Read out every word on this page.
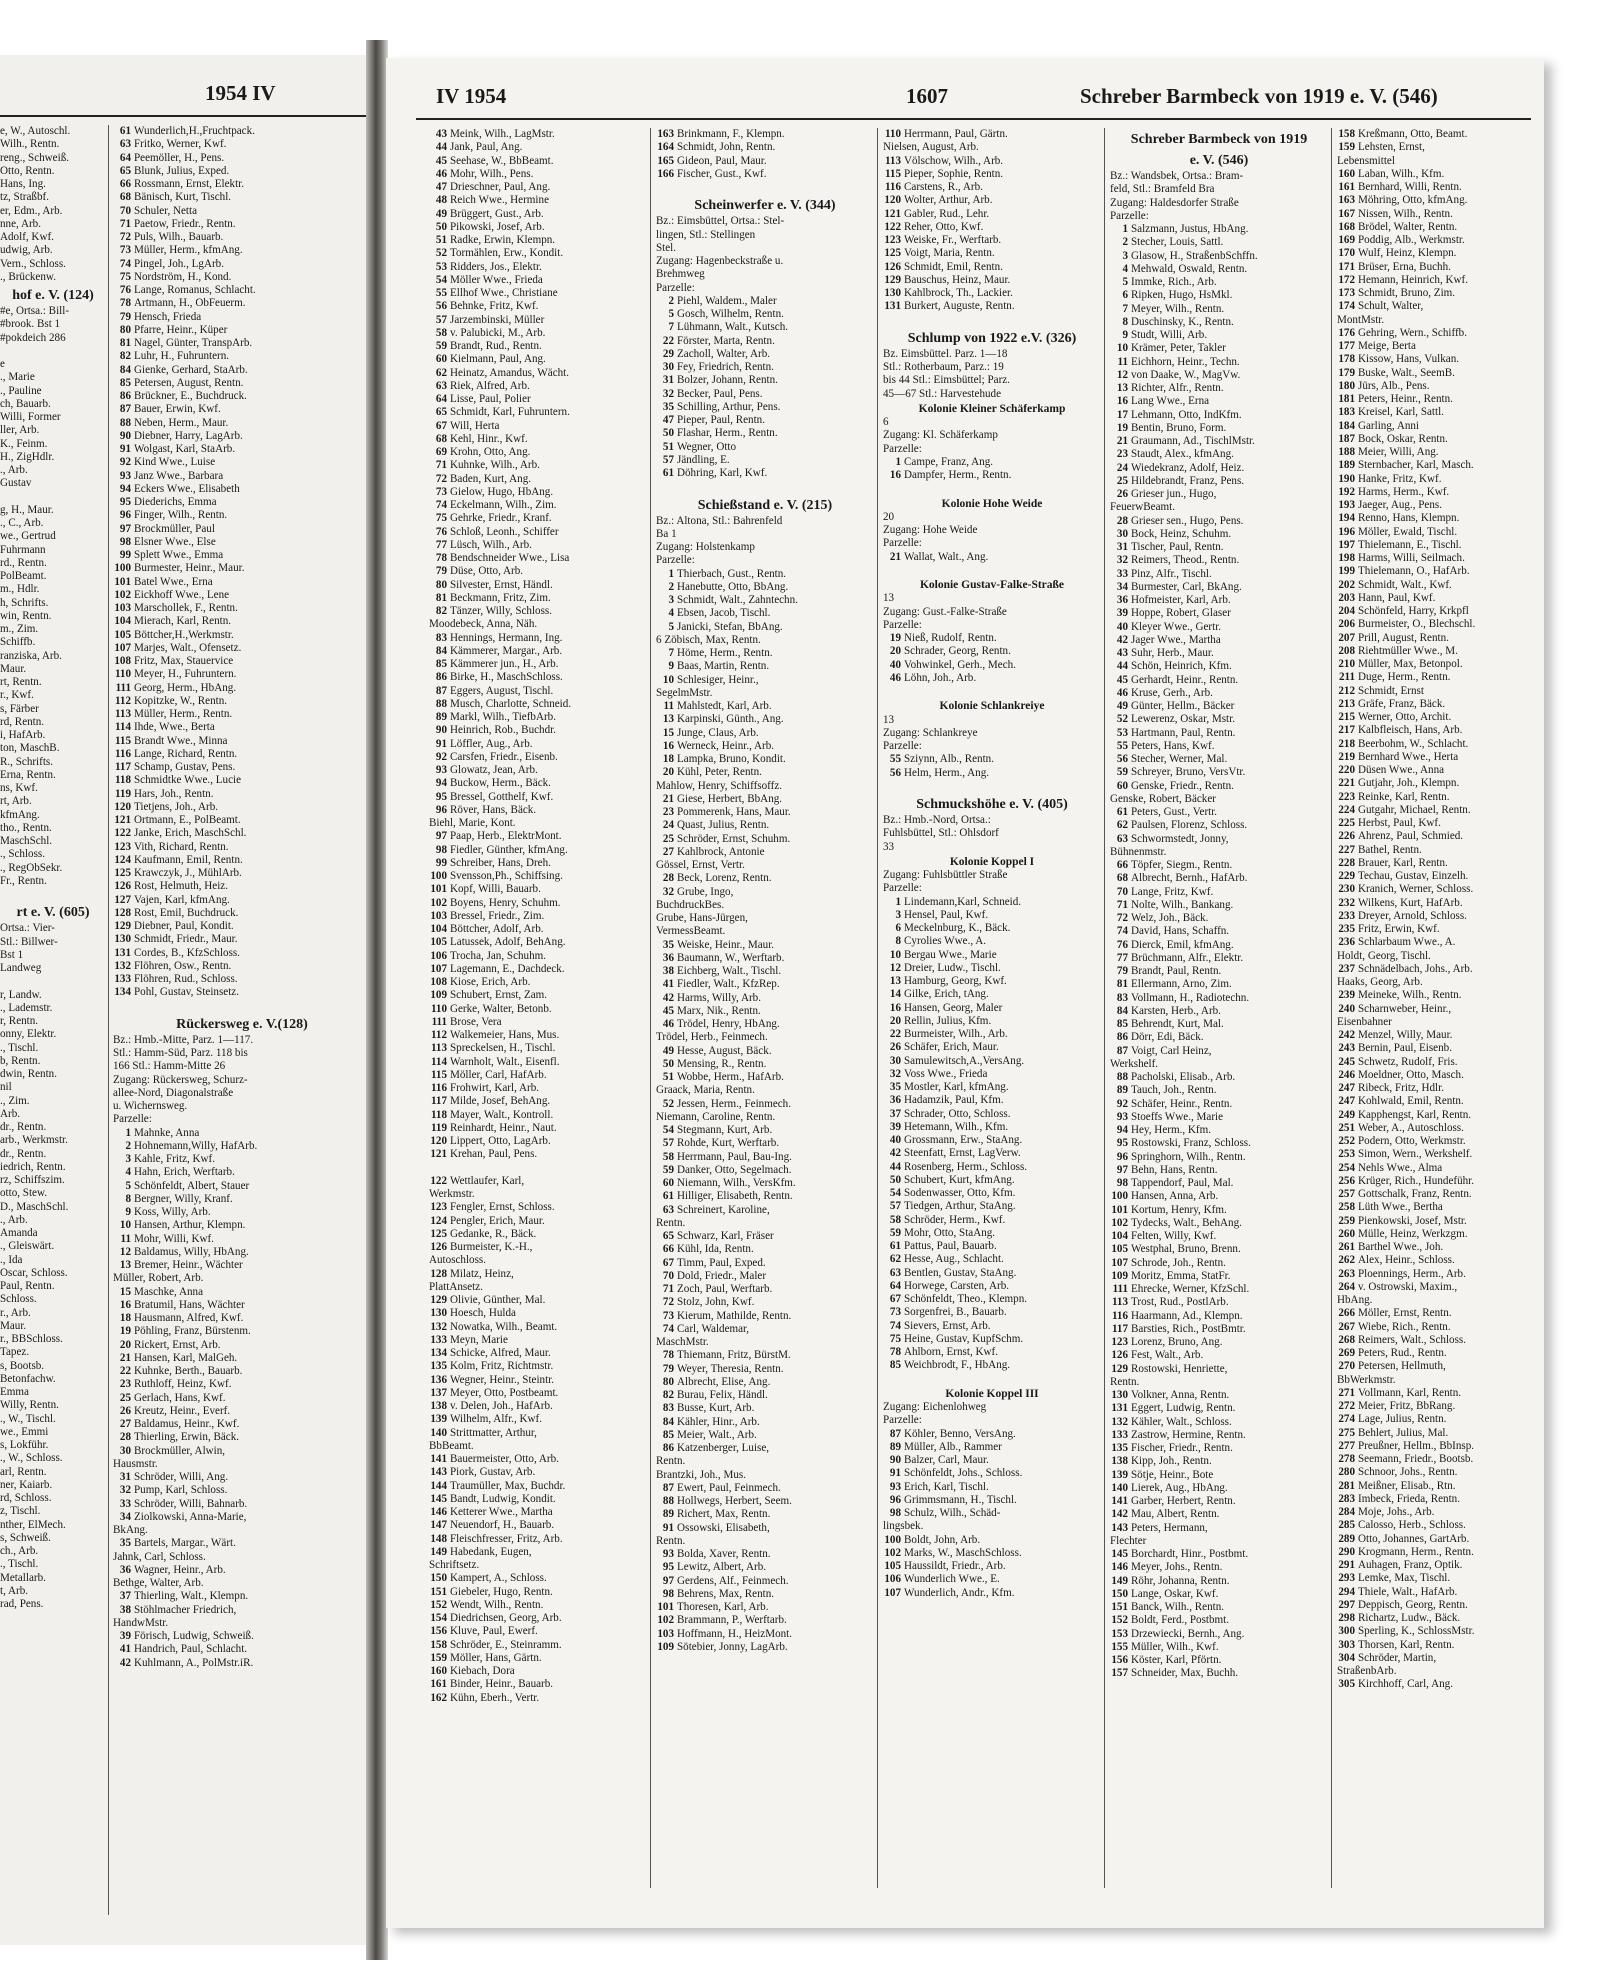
1954 IV
e, W., Autoschl.
Wilh., Rentn.
reng., Schweiß.
Otto, Rentn.
Hans, Ing.
tz, Straßbf.
er, Edm., Arb.
nne, Arb.
Adolf, Kwf.
udwig, Arb.
Vern., Schloss.
., Brückenw.
hof e. V. (124)
#e, Ortsa.: Bill-
#brook. Bst 1
#pokdeich 286

e
., Marie
., Pauline
ch, Bauarb.
Willi, Former
ller, Arb.
K., Feinm.
H., ZigHdlr.
., Arb.
Gustav

g, H., Maur.
., C., Arb.
we., Gertrud
Fuhrmann
rd., Rentn.
PolBeamt.
m., Hdlr.
h, Schrifts.
win, Rentn.
m., Zim.
Schiffb.
ranziska, Arb.
Maur.
rt, Rentn.
r., Kwf.
s, Färber
rd, Rentn.
i, HafArb.
ton, MaschB.
R., Schrifts.
Erna, Rentn.
ns, Kwf.
rt, Arb.
kfmAng.
tho., Rentn.
MaschSchl.
., Schloss.
., RegObSekr.
Fr., Rentn.

rt e. V. (605)
Ortsa.: Vier-
Stl.: Billwer-
Bst 1
Landweg

r, Landw.
., Lademstr.
r, Rentn.
onny, Elektr.
., Tischl.
b, Rentn.
dwin, Rentn.
nil
., Zim.
Arb.
dr., Rentn.
arb., Werkmstr.
dr., Rentn.
iedrich, Rentn.
rz, Schiffszim.
otto, Stew.
D., MaschSchl.
., Arb.
Amanda
., Gleiswärt.
., Ida
Oscar, Schloss.
Paul, Rentn.
Schloss.
r., Arb.
Maur.
r., BBSchloss.
Tapez.
s, Bootsb.
Betonfachw.
Emma
Willy, Rentn.
., W., Tischl.
we., Emmi
s, Lokführ.
., W., Schloss.
arl, Rentn.
ner, Kaiarb.
rd, Schloss.
z, Tischl.
nther, ElMech.
s, Schweiß.
ch., Arb.
., Tischl.
Metallarb.
t, Arb.
rad, Pens.
61 Wunderlich,H.,Fruchtpack.
63 Fritko, Werner, Kwf.
64 Peemöller, H., Pens.
65 Blunk, Julius, Exped.
66 Rossmann, Ernst, Elektr.
68 Bänisch, Kurt, Tischl.
70 Schuler, Netta
71 Paetow, Friedr., Rentn.
72 Puls, Wilh., Bauarb.
73 Müller, Herm., kfmAng.
74 Pingel, Joh., LgArb.
75 Nordström, H., Kond.
76 Lange, Romanus, Schlacht.
78 Artmann, H., ObFeuerm.
79 Hensch, Frieda
80 Pfarre, Heinr., Küper
81 Nagel, Günter, TranspArb.
82 Luhr, H., Fuhruntern.
84 Gienke, Gerhard, StaArb.
85 Petersen, August, Rentn.
86 Brückner, E., Buchdruck.
87 Bauer, Erwin, Kwf.
88 Neben, Herm., Maur.
90 Diebner, Harry, LagArb.
91 Wolgast, Karl, StaArb.
92 Kind Wwe., Luise
93 Janz Wwe., Barbara
94 Eckers Wwe., Elisabeth
95 Diederichs, Emma
96 Finger, Wilh., Rentn.
97 Brockmüller, Paul
98 Elsner Wwe., Else
99 Splett Wwe., Emma
100 Burmester, Heinr., Maur.
101 Batel Wwe., Erna
102 Eickhoff Wwe., Lene
103 Marschollek, F., Rentn.
104 Mierach, Karl, Rentn.
105 Böttcher,H.,Werkmstr.
107 Marjes, Walt., Ofensetz.
108 Fritz, Max, Stauervice
110 Meyer, H., Fuhruntern.
111 Georg, Herm., HbAng.
112 Kopitzke, W., Rentn.
113 Müller, Herm., Rentn.
114 Ihde, Wwe., Berta
115 Brandt Wwe., Minna
116 Lange, Richard, Rentn.
117 Schamp, Gustav, Pens.
118 Schmidtke Wwe., Lucie
119 Hars, Joh., Rentn.
120 Tietjens, Joh., Arb.
121 Ortmann, E., PolBeamt.
122 Janke, Erich, MaschSchl.
123 Vith, Richard, Rentn.
124 Kaufmann, Emil, Rentn.
125 Krawczyk, J., MühlArb.
126 Rost, Helmuth, Heiz.
127 Vajen, Karl, kfmAng.
128 Rost, Emil, Buchdruck.
129 Diebner, Paul, Kondit.
130 Schmidt, Friedr., Maur.
131 Cordes, B., KfzSchloss.
132 Flöhren, Osw., Rentn.
133 Flöhren, Rud., Schloss.
134 Pohl, Gustav, Steinsetz.

Rückersweg e. V.(128)
Bz.: Hmb.-Mitte, Parz. 1—117.
Stl.: Hamm-Süd, Parz. 118 bis
166 Stl.: Hamm-Mitte 26
Zugang: Rückersweg, Schurz-
allee-Nord, Diagonalstraße
u. Wichernsweg.
Parzelle:
1 Mahnke, Anna
2 Hohnemann,Willy, HafArb.
3 Kahle, Fritz, Kwf.
4 Hahn, Erich, Werftarb.
5 Schönfeldt, Albert, Stauer
8 Bergner, Willy, Kranf.
9 Koss, Willy, Arb.
10 Hansen, Arthur, Klempn.
11 Mohr, Willi, Kwf.
12 Baldamus, Willy, HbAng.
13 Bremer, Heinr., Wächter
Müller, Robert, Arb.
15 Maschke, Anna
16 Bratumil, Hans, Wächter
18 Hausmann, Alfred, Kwf.
19 Pöhling, Franz, Bürstenm.
20 Rickert, Ernst, Arb.
21 Hansen, Karl, MalGeh.
22 Kuhnke, Berth., Bauarb.
23 Ruthloff, Heinz, Kwf.
25 Gerlach, Hans, Kwf.
26 Kreutz, Heinr., Everf.
27 Baldamus, Heinr., Kwf.
28 Thierling, Erwin, Bäck.
30 Brockmüller, Alwin,
Hausmstr.
31 Schröder, Willi, Ang.
32 Pump, Karl, Schloss.
33 Schröder, Willi, Bahnarb.
34 Ziolkowski, Anna-Marie,
BkAng.
35 Bartels, Margar., Wärt.
Jahnk, Carl, Schloss.
36 Wagner, Heinr., Arb.
Bethge, Walter, Arb.
37 Thierling, Walt., Klempn.
38 Stöhlmacher Friedrich,
HandwMstr.
39 Förisch, Ludwig, Schweiß.
41 Handrich, Paul, Schlacht.
42 Kuhlmann, A., PolMstr.iR.
IV 1954	1607	Schreber Barmbeck von 1919 e. V. (546)
43 Meink, Wilh., LagMstr.
44 Jank, Paul, Ang.
45 Seehase, W., BbBeamt.
46 Mohr, Wilh., Pens.
47 Drieschner, Paul, Ang.
48 Reich Wwe., Hermine
49 Brüggert, Gust., Arb.
50 Pikowski, Josef, Arb.
51 Radke, Erwin, Klempn.
52 Tormählen, Erw., Kondit.
53 Ridders, Jos., Elektr.
54 Möller Wwe., Frieda
55 Ellhof Wwe., Christiane
56 Behnke, Fritz, Kwf.
57 Jarzembinski, Müller
58 v. Palubicki, M., Arb.
59 Brandt, Rud., Rentn.
60 Kielmann, Paul, Ang.
62 Heinatz, Amandus, Wächt.
63 Riek, Alfred, Arb.
64 Lisse, Paul, Polier
65 Schmidt, Karl, Fuhruntern.
67 Will, Herta
68 Kehl, Hinr., Kwf.
69 Krohn, Otto, Ang.
71 Kuhnke, Wilh., Arb.
72 Baden, Kurt, Ang.
73 Gielow, Hugo, HbAng.
74 Eckelmann, Wilh., Zim.
75 Gehrke, Friedr., Kranf.
76 Schloß, Leonh., Schiffer
77 Lüsch, Wilh., Arb.
78 Bendschneider Wwe., Lisa
79 Düse, Otto, Arb.
80 Silvester, Ernst, Händl.
81 Beckmann, Fritz, Zim.
82 Tänzer, Willy, Schloss.
Moodebeck, Anna, Näh.
83 Hennings, Hermann, Ing.
84 Kämmerer, Margar., Arb.
85 Kämmerer jun., H., Arb.
86 Birke, H., MaschSchloss.
87 Eggers, August, Tischl.
88 Musch, Charlotte, Schneid.
89 Markl, Wilh., TiefbArb.
90 Heinrich, Rob., Buchdr.
91 Löffler, Aug., Arb.
92 Carsfen, Friedr., Eisenb.
93 Glowatz, Jean, Arb.
94 Buckow, Herm., Bäck.
95 Bressel, Gotthelf, Kwf.
96 Röver, Hans, Bäck.
Biehl, Marie, Kont.
97 Paap, Herb., ElektrMont.
98 Fiedler, Günther, kfmAng.
99 Schreiber, Hans, Dreh.
100 Svensson,Ph., Schiffsing.
101 Kopf, Willi, Bauarb.
102 Boyens, Henry, Schuhm.
103 Bressel, Friedr., Zim.
104 Böttcher, Adolf, Arb.
105 Latussek, Adolf, BehAng.
106 Trocha, Jan, Schuhm.
107 Lagemann, E., Dachdeck.
108 Kiose, Erich, Arb.
109 Schubert, Ernst, Zam.
110 Gerke, Walter, Betonb.
111 Brose, Vera
112 Walkemeier, Hans, Mus.
113 Spreckelsen, H., Tischl.
114 Warnholt, Walt., Eisenfl.
115 Möller, Carl, HafArb.
116 Frohwirt, Karl, Arb.
117 Milde, Josef, BehAng.
118 Mayer, Walt., Kontroll.
119 Reinhardt, Heinr., Naut.
120 Lippert, Otto, LagArb.
121 Krehan, Paul, Pens.

122 Wettlaufer, Karl,
Werkmstr.
123 Fengler, Ernst, Schloss.
124 Pengler, Erich, Maur.
125 Gedanke, R., Bäck.
126 Burmeister, K.-H.,
Autoschloss.
128 Milatz, Heinz,
PlattAnsetz.
129 Olivie, Günther, Mal.
130 Hoesch, Hulda
132 Nowatka, Wilh., Beamt.
133 Meyn, Marie
134 Schicke, Alfred, Maur.
135 Kolm, Fritz, Richtmstr.
136 Wegner, Heinr., Steintr.
137 Meyer, Otto, Postbeamt.
138 v. Delen, Joh., HafArb.
139 Wilhelm, Alfr., Kwf.
140 Strittmatter, Arthur,
BbBeamt.
141 Bauermeister, Otto, Arb.
143 Piork, Gustav, Arb.
144 Traumüller, Max, Buchdr.
145 Bandt, Ludwig, Kondit.
146 Ketterer Wwe., Martha
147 Neuendorf, H., Bauarb.
148 Fleischfresser, Fritz, Arb.
149 Habedank, Eugen,
Schriftsetz.
150 Kampert, A., Schloss.
151 Giebeler, Hugo, Rentn.
152 Wendt, Wilh., Rentn.
154 Diedrichsen, Georg, Arb.
156 Kluve, Paul, Ewerf.
158 Schröder, E., Steinramm.
159 Möller, Hans, Gärtn.
160 Kiebach, Dora
161 Binder, Heinr., Bauarb.
162 Kühn, Eberh., Vertr.
163 Brinkmann, F., Klempn.
164 Schmidt, John, Rentn.
165 Gideon, Paul, Maur.
166 Fischer, Gust., Kwf.

Scheinwerfer e. V. (344)
Bz.: Eimsbüttel, Ortsa.: Stel-
lingen, Stl.: Stellingen
Stel.
Zugang: Hagenbeckstraße u.
Brehmweg
Parzelle:
2 Piehl, Waldem., Maler
5 Gosch, Wilhelm, Rentn.
7 Lühmann, Walt., Kutsch.
22 Förster, Marta, Rentn.
29 Zacholl, Walter, Arb.
30 Fey, Friedrich, Rentn.
31 Bolzer, Johann, Rentn.
32 Becker, Paul, Pens.
35 Schilling, Arthur, Pens.
47 Pieper, Paul, Rentn.
50 Flashar, Herm., Rentn.
51 Wegner, Otto
57 Jändling, E.
61 Döhring, Karl, Kwf.

Schießstand e. V. (215)
Bz.: Altona, Stl.: Bahrenfeld
Ba 1
Zugang: Holstenkamp
Parzelle:
1 Thierbach, Gust., Rentn.
2 Hanebutte, Otto, BbAng.
3 Schmidt, Walt., Zahntechn.
4 Ebsen, Jacob, Tischl.
5 Janicki, Stefan, BbAng.
6 Zöbisch, Max, Rentn.
7 Höme, Herm., Rentn.
9 Baas, Martin, Rentn.
10 Schlesiger, Heinr.,
SegelmMstr.
11 Mahlstedt, Karl, Arb.
13 Karpinski, Günth., Ang.
15 Junge, Claus, Arb.
16 Werneck, Heinr., Arb.
18 Lampka, Bruno, Kondit.
20 Kühl, Peter, Rentn.
Mahlow, Henry, Schiffsoffz.
21 Giese, Herbert, BbAng.
23 Pommerenk, Hans, Maur.
24 Quast, Julius, Rentn.
25 Schröder, Ernst, Schuhm.
27 Kahlbrock, Antonie
Gössel, Ernst, Vertr.
28 Beck, Lorenz, Rentn.
32 Grube, Ingo,
BuchdruckBes.
Grube, Hans-Jürgen,
VermessBeamt.
35 Weiske, Heinr., Maur.
36 Baumann, W., Werftarb.
38 Eichberg, Walt., Tischl.
41 Fiedler, Walt., KfzRep.
42 Harms, Willy, Arb.
45 Marx, Nik., Rentn.
46 Trödel, Henry, HbAng.
Trödel, Herb., Feinmech.
49 Hesse, August, Bäck.
50 Mensing, R., Rentn.
51 Wobbe, Herm., HafArb.
Graack, Maria, Rentn.
52 Jessen, Herm., Feinmech.
Niemann, Caroline, Rentn.
54 Stegmann, Kurt, Arb.
57 Rohde, Kurt, Werftarb.
58 Herrmann, Paul, Bau-Ing.
59 Danker, Otto, Segelmach.
60 Niemann, Wilh., VersKfm.
61 Hilliger, Elisabeth, Rentn.
63 Schreinert, Karoline,
Rentn.
65 Schwarz, Karl, Fräser
66 Kühl, Ida, Rentn.
67 Timm, Paul, Exped.
70 Dold, Friedr., Maler
71 Zoch, Paul, Werftarb.
72 Stolz, John, Kwf.
73 Kierum, Mathilde, Rentn.
74 Carl, Waldemar,
MaschMstr.
78 Thiemann, Fritz, BürstM.
79 Weyer, Theresia, Rentn.
80 Albrecht, Elise, Ang.
82 Burau, Felix, Händl.
83 Busse, Kurt, Arb.
84 Kähler, Hinr., Arb.
85 Meier, Walt., Arb.
86 Katzenberger, Luise,
Rentn.
Brantzki, Joh., Mus.
87 Ewert, Paul, Feinmech.
88 Hollwegs, Herbert, Seem.
89 Richert, Max, Rentn.
91 Ossowski, Elisabeth,
Rentn.
93 Bolda, Xaver, Rentn.
95 Lewitz, Albert, Arb.
97 Gerdens, Alf., Feinmech.
98 Behrens, Max, Rentn.
101 Thoresen, Karl, Arb.
102 Brammann, P., Werftarb.
103 Hoffmann, H., HeizMont.
109 Sötebier, Jonny, LagArb.
110 Herrmann, Paul, Gärtn.
Nielsen, August, Arb.
113 Völschow, Wilh., Arb.
115 Pieper, Sophie, Rentn.
116 Carstens, R., Arb.
120 Wolter, Arthur, Arb.
121 Gabler, Rud., Lehr.
122 Reher, Otto, Kwf.
123 Weiske, Fr., Werftarb.
125 Voigt, Maria, Rentn.
126 Schmidt, Emil, Rentn.
129 Bauschus, Heinz, Maur.
130 Kahlbrock, Th., Lackier.
131 Burkert, Auguste, Rentn.

Schlump von 1922 e.V. (326)
Bz. Eimsbüttel. Parz. 1—18
Stl.: Rotherbaum, Parz.: 19
bis 44 Stl.: Eimsbüttel; Parz.
45—67 Stl.: Harvestehude
Kolonie Kleiner Schäferkamp
6
Zugang: Kl. Schäferkamp
Parzelle:
1 Campe, Franz, Ang.
16 Dampfer, Herm., Rentn.

Kolonie Hohe Weide
20
Zugang: Hohe Weide
Parzelle:
21 Wallat, Walt., Ang.

Kolonie Gustav-Falke-Straße
13
Zugang: Gust.-Falke-Straße
Parzelle:
19 Nieß, Rudolf, Rentn.
20 Schrader, Georg, Rentn.
40 Vohwinkel, Gerh., Mech.
46 Löhn, Joh., Arb.

Kolonie Schlankreiye
13
Zugang: Schlankreye
Parzelle:
55 Sziynn, Alb., Rentn.
56 Helm, Herm., Ang.

Schmuckshöhe e. V. (405)
Bz.: Hmb.-Nord, Ortsa.:
Fuhlsbüttel, Stl.: Ohlsdorf
33
Kolonie Koppel I
Zugang: Fuhlsbüttler Straße
Parzelle:
1 Lindemann,Karl, Schneid.
3 Hensel, Paul, Kwf.
6 Meckelnburg, K., Bäck.
8 Cyrolies Wwe., A.
10 Bergau Wwe., Marie
12 Dreier, Ludw., Tischl.
13 Hamburg, Georg, Kwf.
14 Gilke, Erich, tAng.
16 Hansen, Georg, Maler
20 Rellin, Julius, Kfm.
22 Burmeister, Wilh., Arb.
26 Schäfer, Erich, Maur.
30 Samulewitsch,A.,VersAng.
32 Voss Wwe., Frieda
35 Mostler, Karl, kfmAng.
36 Hadamzik, Paul, Kfm.
37 Schrader, Otto, Schloss.
39 Hetemann, Wilh., Kfm.
40 Grossmann, Erw., StaAng.
42 Steenfatt, Ernst, LagVerw.
44 Rosenberg, Herm., Schloss.
50 Schubert, Kurt, kfmAng.
54 Sodenwasser, Otto, Kfm.
57 Tiedgen, Arthur, StaAng.
58 Schröder, Herm., Kwf.
59 Mohr, Otto, StaAng.
61 Pattus, Paul, Bauarb.
62 Hesse, Aug., Schlacht.
63 Bentlen, Gustav, StaAng.
64 Horwege, Carsten, Arb.
67 Schönfeldt, Theo., Klempn.
73 Sorgenfrei, B., Bauarb.
74 Sievers, Ernst, Arb.
75 Heine, Gustav, KupfSchm.
78 Ahlborn, Ernst, Kwf.
85 Weichbrodt, F., HbAng.

Kolonie Koppel III
Zugang: Eichenlohweg
Parzelle:
87 Köhler, Benno, VersAng.
89 Müller, Alb., Rammer
90 Balzer, Carl, Maur.
91 Schönfeldt, Johs., Schloss.
93 Erich, Karl, Tischl.
96 Grimmsmann, H., Tischl.
98 Schulz, Wilh., Schäd-
lingsbek.
100 Boldt, John, Arb.
102 Marks, W., MaschSchloss.
105 Haussildt, Friedr., Arb.
106 Wunderlich Wwe., E.
107 Wunderlich, Andr., Kfm.
Schreber Barmbeck von 1919
e. V. (546)
Bz.: Wandsbek, Ortsa.: Bram-
feld, Stl.: Bramfeld Bra
Zugang: Haldesdorfer Straße
Parzelle:
1 Salzmann, Justus, HbAng.
2 Stecher, Louis, Sattl.
3 Glasow, H., StraßenbSchffn.
4 Mehwald, Oswald, Rentn.
5 Immke, Rich., Arb.
6 Ripken, Hugo, HsMkl.
7 Meyer, Wilh., Rentn.
8 Duschinsky, K., Rentn.
9 Studt, Willi, Arb.
10 Krämer, Peter, Takler
11 Eichhorn, Heinr., Techn.
12 von Daake, W., MagVw.
13 Richter, Alfr., Rentn.
16 Lang Wwe., Erna
17 Lehmann, Otto, IndKfm.
19 Bentin, Bruno, Form.
21 Graumann, Ad., TischlMstr.
23 Staudt, Alex., kfmAng.
24 Wiedekranz, Adolf, Heiz.
25 Hildebrandt, Franz, Pens.
26 Grieser jun., Hugo,
FeuerwBeamt.
28 Grieser sen., Hugo, Pens.
30 Bock, Heinz, Schuhm.
31 Tischer, Paul, Rentn.
32 Reimers, Theod., Rentn.
33 Pinz, Alfr., Tischl.
34 Burmester, Carl, BkAng.
36 Hofmeister, Karl, Arb.
39 Hoppe, Robert, Glaser
40 Kleyer Wwe., Gertr.
42 Jager Wwe., Martha
43 Suhr, Herb., Maur.
44 Schön, Heinrich, Kfm.
45 Gerhardt, Heinr., Rentn.
46 Kruse, Gerh., Arb.
49 Günter, Hellm., Bäcker
52 Lewerenz, Oskar, Mstr.
53 Hartmann, Paul, Rentn.
55 Peters, Hans, Kwf.
56 Stecher, Werner, Mal.
59 Schreyer, Bruno, VersVtr.
60 Genske, Friedr., Rentn.
Genske, Robert, Bäcker
61 Peters, Gust., Vertr.
62 Paulsen, Florenz, Schloss.
63 Schwormstedt, Jonny,
Bühnenmstr.
66 Töpfer, Siegm., Rentn.
68 Albrecht, Bernh., HafArb.
70 Lange, Fritz, Kwf.
71 Nolte, Wilh., Bankang.
72 Welz, Joh., Bäck.
74 David, Hans, Schaffn.
76 Dierck, Emil, kfmAng.
77 Brüchmann, Alfr., Elektr.
79 Brandt, Paul, Rentn.
81 Ellermann, Arno, Zim.
83 Vollmann, H., Radiotechn.
84 Karsten, Herb., Arb.
85 Behrendt, Kurt, Mal.
86 Dörr, Edi, Bäck.
87 Voigt, Carl Heinz,
Werkshelf.
88 Pacholski, Elisab., Arb.
89 Tauch, Joh., Rentn.
92 Schäfer, Heinr., Rentn.
93 Stoeffs Wwe., Marie
94 Hey, Herm., Kfm.
95 Rostowski, Franz, Schloss.
96 Springhorn, Wilh., Rentn.
97 Behn, Hans, Rentn.
98 Tappendorf, Paul, Mal.
100 Hansen, Anna, Arb.
101 Kortum, Henry, Kfm.
102 Tydecks, Walt., BehAng.
104 Felten, Willy, Kwf.
105 Westphal, Bruno, Brenn.
107 Schrode, Joh., Rentn.
109 Moritz, Emma, StatFr.
111 Ehrecke, Werner, KfzSchl.
113 Trost, Rud., PostlArb.
116 Haarmann, Ad., Klempn.
117 Barsties, Rich., PostBmtr.
123 Lorenz, Bruno, Ang.
126 Fest, Walt., Arb.
129 Rostowski, Henriette,
Rentn.
130 Volkner, Anna, Rentn.
131 Eggert, Ludwig, Rentn.
132 Kähler, Walt., Schloss.
133 Zastrow, Hermine, Rentn.
135 Fischer, Friedr., Rentn.
138 Kipp, Joh., Rentn.
139 Sötje, Heinr., Bote
140 Lierek, Aug., HbAng.
141 Garber, Herbert, Rentn.
142 Mau, Albert, Rentn.
143 Peters, Hermann,
Flechter
145 Borchardt, Hinr., Postbmt.
146 Meyer, Johs., Rentn.
149 Röhr, Johanna, Rentn.
150 Lange, Oskar, Kwf.
151 Banck, Wilh., Rentn.
152 Boldt, Ferd., Postbmt.
153 Drzewiecki, Bernh., Ang.
155 Müller, Wilh., Kwf.
156 Köster, Karl, Pförtn.
157 Schneider, Max, Buchh.
158 Kreßmann, Otto, Beamt.
159 Lehsten, Ernst,
Lebensmittel
160 Laban, Wilh., Kfm.
161 Bernhard, Willi, Rentn.
163 Möhring, Otto, kfmAng.
167 Nissen, Wilh., Rentn.
168 Brödel, Walter, Rentn.
169 Poddig, Alb., Werkmstr.
170 Wulf, Heinz, Klempn.
171 Brüser, Erna, Buchh.
172 Hemann, Heinrich, Kwf.
173 Schmidt, Bruno, Zim.
174 Schult, Walter,
MontMstr.
176 Gehring, Wern., Schiffb.
177 Meige, Berta
178 Kissow, Hans, Vulkan.
179 Buske, Walt., SeemB.
180 Jürs, Alb., Pens.
181 Peters, Heinr., Rentn.
183 Kreisel, Karl, Sattl.
184 Garling, Anni
187 Bock, Oskar, Rentn.
188 Meier, Willi, Ang.
189 Sternbacher, Karl, Masch.
190 Hanke, Fritz, Kwf.
192 Harms, Herm., Kwf.
193 Jaeger, Aug., Pens.
194 Renno, Hans, Klempn.
196 Möller, Ewald, Tischl.
197 Thielemann, E., Tischl.
198 Harms, Willi, Seilmach.
199 Thielemann, O., HafArb.
202 Schmidt, Walt., Kwf.
203 Hann, Paul, Kwf.
204 Schönfeld, Harry, Krkpfl
206 Burmeister, O., Blechschl.
207 Prill, August, Rentn.
208 Riehtmüller Wwe., M.
210 Müller, Max, Betonpol.
211 Duge, Herm., Rentn.
212 Schmidt, Ernst
213 Gräfe, Franz, Bäck.
215 Werner, Otto, Archit.
217 Kalbfleisch, Hans, Arb.
218 Beerbohm, W., Schlacht.
219 Bernhard Wwe., Herta
220 Düsen Wwe., Anna
221 Gutjahr, Joh., Klempn.
223 Reinke, Karl, Rentn.
224 Gutgahr, Michael, Rentn.
225 Herbst, Paul, Kwf.
226 Ahrenz, Paul, Schmied.
227 Bathel, Rentn.
228 Brauer, Karl, Rentn.
229 Techau, Gustav, Einzelh.
230 Kranich, Werner, Schloss.
232 Wilkens, Kurt, HafArb.
233 Dreyer, Arnold, Schloss.
235 Fritz, Erwin, Kwf.
236 Schlarbaum Wwe., A.
Holdt, Georg, Tischl.
237 Schnädelbach, Johs., Arb.
Haaks, Georg, Arb.
239 Meineke, Wilh., Rentn.
240 Scharnweber, Heinr.,
Eisenbahner
242 Menzel, Willy, Maur.
243 Bernin, Paul, Eisenb.
245 Schwetz, Rudolf, Fris.
246 Moeldner, Otto, Masch.
247 Ribeck, Fritz, Hdlr.
247 Kohlwald, Emil, Rentn.
249 Kapphengst, Karl, Rentn.
251 Weber, A., Autoschloss.
252 Podern, Otto, Werkmstr.
253 Simon, Wern., Werkshelf.
254 Nehls Wwe., Alma
256 Krüger, Rich., Hundeführ.
257 Gottschalk, Franz, Rentn.
258 Lüth Wwe., Bertha
259 Pienkowski, Josef, Mstr.
260 Mülle, Heinz, Werkzgm.
261 Barthel Wwe., Joh.
262 Alex, Heinr., Schloss.
263 Ploennings, Herm., Arb.
264 v. Ostrowski, Maxim.,
HbAng.
266 Möller, Ernst, Rentn.
267 Wiebe, Rich., Rentn.
268 Reimers, Walt., Schloss.
269 Peters, Rud., Rentn.
270 Petersen, Hellmuth,
BbWerkmstr.
271 Vollmann, Karl, Rentn.
272 Meier, Fritz, BbRang.
274 Lage, Julius, Rentn.
275 Behlert, Julius, Mal.
277 Preußner, Hellm., BbInsp.
278 Seemann, Friedr., Bootsb.
280 Schnoor, Johs., Rentn.
281 Meißner, Elisab., Rtn.
283 Imbeck, Frieda, Rentn.
284 Moje, Johs., Arb.
285 Calosso, Herb., Schloss.
289 Otto, Johannes, GartArb.
290 Krogmann, Herm., Rentn.
291 Auhagen, Franz, Optik.
293 Lemke, Max, Tischl.
294 Thiele, Walt., HafArb.
297 Deppisch, Georg, Rentn.
298 Richartz, Ludw., Bäck.
300 Sperling, K., SchlossMstr.
303 Thorsen, Karl, Rentn.
304 Schröder, Martin,
StraßenbArb.
305 Kirchhoff, Carl, Ang.
